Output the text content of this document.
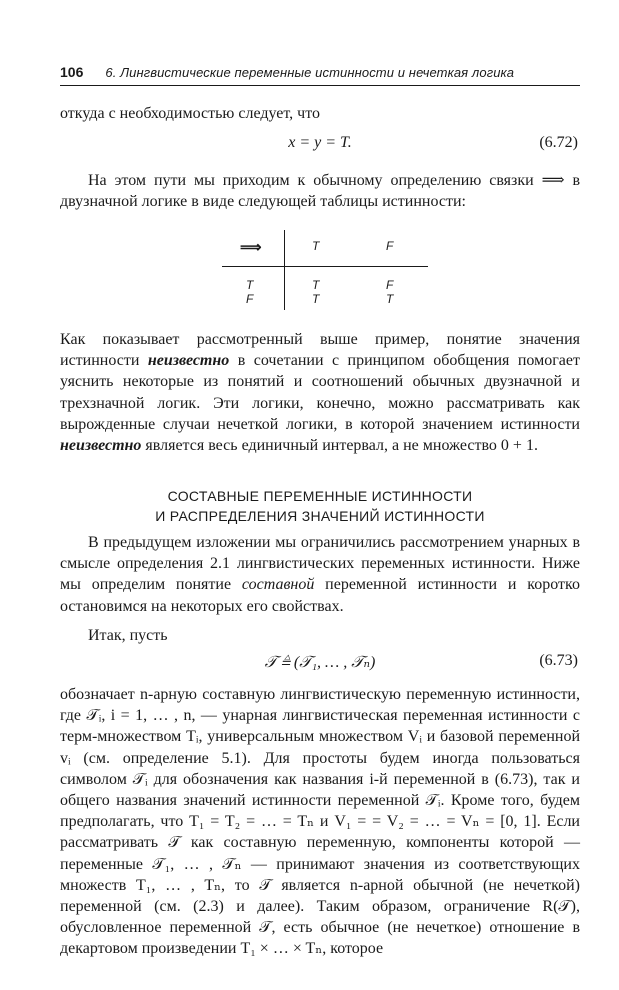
106 6. Лингвистические переменные истинности и нечеткая логика
откуда с необходимостью следует, что
x = y = T.	(6.72)
На этом пути мы приходим к обычному определению связки ⟹ в двузначной логике в виде следующей таблицы истинности:
⟹	T	F
T	T	F
F	T	T
Как показывает рассмотренный выше пример, понятие значения истинности неизвестно в сочетании с принципом обобщения помогает уяснить некоторые из понятий и соотношений обычных двузначной и трехзначной логик. Эти логики, конечно, можно рассматривать как вырожденные случаи нечеткой логики, в которой значением истинности неизвестно является весь единичный интервал, а не множество 0 + 1.
СОСТАВНЫЕ ПЕРЕМЕННЫЕ ИСТИННОСТИ
И РАСПРЕДЕЛЕНИЯ ЗНАЧЕНИЙ ИСТИННОСТИ
В предыдущем изложении мы ограничились рассмотрением унарных в смысле определения 2.1 лингвистических переменных истинности. Ниже мы определим понятие составной переменной истинности и коротко остановимся на некоторых его свойствах.
Итак, пусть
𝒯 ≜ (𝒯₁, … , 𝒯ₙ)	(6.73)
обозначает n-арную составную лингвистическую переменную истинности, где 𝒯ᵢ, i = 1, … , n, — унарная лингвистическая переменная истинности с терм-множеством Tᵢ, универсальным множеством Vᵢ и базовой переменной vᵢ (см. определение 5.1). Для простоты будем иногда пользоваться символом 𝒯ᵢ для обозначения как названия i-й переменной в (6.73), так и общего названия значений истинности переменной 𝒯ᵢ. Кроме того, будем предполагать, что T₁ = T₂ = … = Tₙ и V₁ = = V₂ = … = Vₙ = [0, 1]. Если рассматривать 𝒯 как составную переменную, компоненты которой — переменные 𝒯₁, … , 𝒯ₙ — принимают значения из соответствующих множеств T₁, … , Tₙ, то 𝒯 является n-арной обычной (не нечеткой) переменной (см. (2.3) и далее). Таким образом, ограничение R(𝒯), обусловленное переменной 𝒯, есть обычное (не нечеткое) отношение в декартовом произведении T₁ × … × Tₙ, которое
